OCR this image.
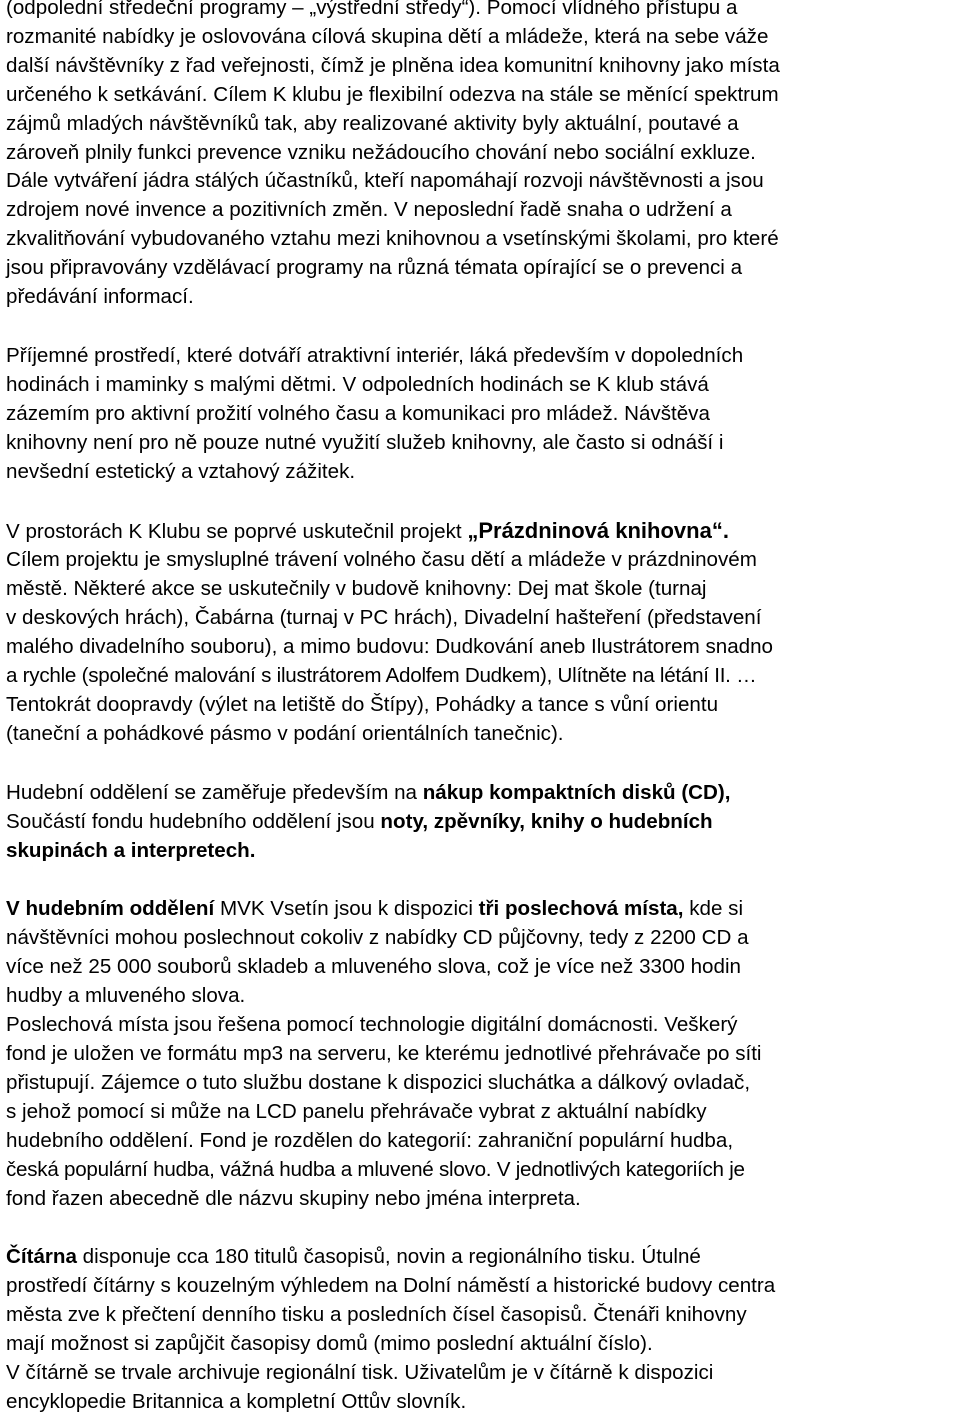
(odpolední středeční programy – „výstřední středy“). Pomocí vlídného přístupu a
rozmanité nabídky je oslovována cílová skupina dětí a mládeže, která na sebe váže
další návštěvníky z řad veřejnosti, čímž je plněna idea komunitní knihovny jako místa
určeného k setkávání. Cílem K klubu je flexibilní odezva na stále se měnící spektrum
zájmů mladých návštěvníků tak, aby realizované aktivity byly aktuální, poutavé a
zároveň plnily funkci prevence vzniku nežádoucího chování nebo sociální exkluze.
Dále vytváření jádra stálých účastníků, kteří napomáhají rozvoji návštěvnosti a jsou
zdrojem nové invence a pozitivních změn. V neposlední řadě snaha o udržení a
zkvalitňování vybudovaného vztahu mezi knihovnou a vsetínskými školami, pro které
jsou připravovány vzdělávací programy na různá témata opírající se o prevenci a
předávání informací.
Příjemné prostředí, které dotváří atraktivní interiér, láká především v dopoledních
hodinách i maminky s malými dětmi. V odpoledních hodinách se K klub stává
zázemím pro aktivní prožití volného času a komunikaci pro mládež. Návštěva
knihovny není pro ně pouze nutné využití služeb knihovny, ale často si odnáší i
nevšední estetický a vztahový zážitek.
V prostorách K Klubu se poprvé uskutečnil projekt „Prázdninová knihovna“.
Cílem projektu je smysluplné trávení volného času dětí a mládeže v prázdninovém
městě. Některé akce se uskutečnily v budově knihovny: Dej mat škole (turnaj
v deskových hrách), Čabárna (turnaj v PC hrách), Divadelní hašteření (představení
malého divadelního souboru), a mimo budovu: Dudkování aneb Ilustrátorem snadno
a rychle (společné malování s ilustrátorem Adolfem Dudkem), Ulítněte na létání II. …
Tentokrát doopravdy (výlet na letiště do Štípy), Pohádky a tance s vůní orientu
(taneční a pohádkové pásmo v podání orientálních tanečnic).
Hudební oddělení se zaměřuje především na nákup kompaktních disků (CD),
Součástí fondu hudebního oddělení jsou noty, zpěvníky, knihy o hudebních
skupinách a interpretech.
V hudebním oddělení MVK Vsetín jsou k dispozici tři poslechová místa, kde si
návštěvníci mohou poslechnout cokoliv z nabídky CD půjčovny, tedy z 2200 CD a
více než 25 000 souborů skladeb a mluveného slova, což je více než 3300 hodin
hudby a mluveného slova.
Poslechová místa jsou řešena pomocí technologie digitální domácnosti. Veškerý
fond je uložen ve formátu mp3 na serveru, ke kterému jednotlivé přehrávače po síti
přistupují. Zájemce o tuto službu dostane k dispozici sluchátka a dálkový ovladač,
s jehož pomocí si může na LCD panelu přehrávače vybrat z aktuální nabídky
hudebního oddělení. Fond je rozdělen do kategorií: zahraniční populární hudba,
česká populární hudba, vážná hudba a mluvené slovo. V jednotlivých kategoriích je
fond řazen abecedně dle názvu skupiny nebo jména interpreta.
Čítárna disponuje cca 180 titulů časopisů, novin a regionálního tisku. Útulné
prostředí čítárny s kouzelným výhledem na Dolní náměstí a historické budovy centra
města zve k přečtení denního tisku a posledních čísel časopisů. Čtenáři knihovny
mají možnost si zapůjčit časopisy domů (mimo poslední aktuální číslo).
V čítárně se trvale archivuje regionální tisk. Uživatelům je v čítárně k dispozici
encyklopedie Britannica a kompletní Ottův slovník.
